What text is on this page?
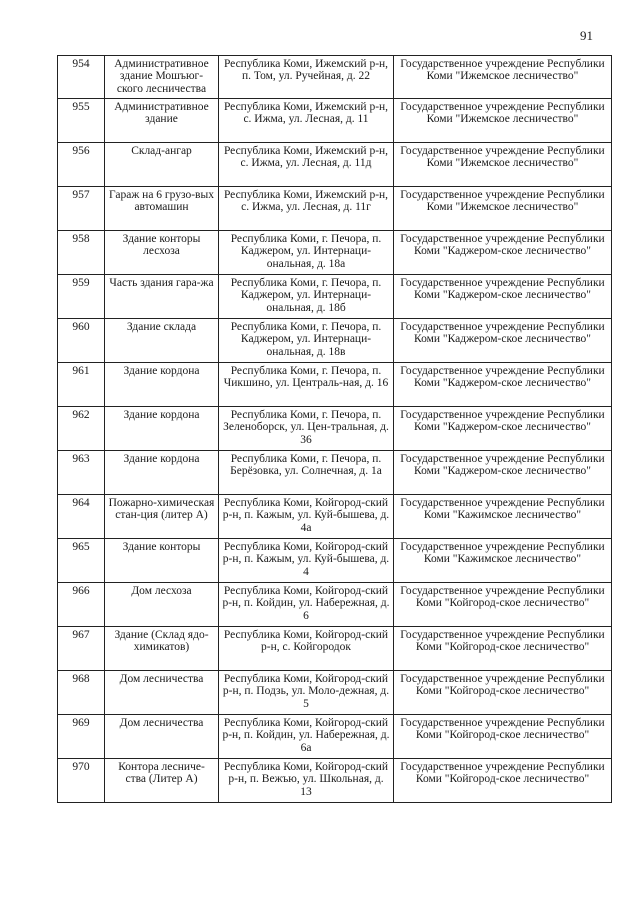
91
954	Административное здание Мошъюг-ского лесничества	Республика Коми, Ижемский р-н, п. Том, ул. Ручейная, д. 22	Государственное учреждение Республики Коми "Ижемское лесничество"
955	Административное здание	Республика Коми, Ижемский р-н, с. Ижма, ул. Лесная, д. 11	Государственное учреждение Республики Коми "Ижемское лесничество"
956	Склад-ангар	Республика Коми, Ижемский р-н, с. Ижма, ул. Лесная, д. 11д	Государственное учреждение Республики Коми "Ижемское лесничество"
957	Гараж на 6 грузо-вых автомашин	Республика Коми, Ижемский р-н, с. Ижма, ул. Лесная, д. 11г	Государственное учреждение Республики Коми "Ижемское лесничество"
958	Здание конторы лесхоза	Республика Коми, г. Печора, п. Каджером, ул. Интернаци-ональная, д. 18а	Государственное учреждение Республики Коми "Каджером-ское лесничество"
959	Часть здания гара-жа	Республика Коми, г. Печора, п. Каджером, ул. Интернаци-ональная, д. 18б	Государственное учреждение Республики Коми "Каджером-ское лесничество"
960	Здание склада	Республика Коми, г. Печора, п. Каджером, ул. Интернаци-ональная, д. 18в	Государственное учреждение Республики Коми "Каджером-ское лесничество"
961	Здание кордона	Республика Коми, г. Печора, п. Чикшино, ул. Централь-ная, д. 16	Государственное учреждение Республики Коми "Каджером-ское лесничество"
962	Здание кордона	Республика Коми, г. Печора, п. Зеленоборск, ул. Цен-тральная, д. 36	Государственное учреждение Республики Коми "Каджером-ское лесничество"
963	Здание кордона	Республика Коми, г. Печора, п. Берёзовка, ул. Солнечная, д. 1а	Государственное учреждение Республики Коми "Каджером-ское лесничество"
964	Пожарно-химическая стан-ция (литер А)	Республика Коми, Койгород-ский р-н, п. Кажым, ул. Куй-бышева, д. 4а	Государственное учреждение Республики Коми "Кажимское лесничество"
965	Здание конторы	Республика Коми, Койгород-ский р-н, п. Кажым, ул. Куй-бышева, д. 4	Государственное учреждение Республики Коми "Кажимское лесничество"
966	Дом лесхоза	Республика Коми, Койгород-ский р-н, п. Койдин, ул. Набережная, д. 6	Государственное учреждение Республики Коми "Койгород-ское лесничество"
967	Здание (Склад ядо-химикатов)	Республика Коми, Койгород-ский р-н, с. Койгородок	Государственное учреждение Республики Коми "Койгород-ское лесничество"
968	Дом лесничества	Республика Коми, Койгород-ский р-н, п. Подзь, ул. Моло-дежная, д. 5	Государственное учреждение Республики Коми "Койгород-ское лесничество"
969	Дом лесничества	Республика Коми, Койгород-ский р-н, п. Койдин, ул. Набережная, д. 6а	Государственное учреждение Республики Коми "Койгород-ское лесничество"
970	Контора лесниче-ства (Литер А)	Республика Коми, Койгород-ский р-н, п. Вежъю, ул. Школьная, д. 13	Государственное учреждение Республики Коми "Койгород-ское лесничество"
